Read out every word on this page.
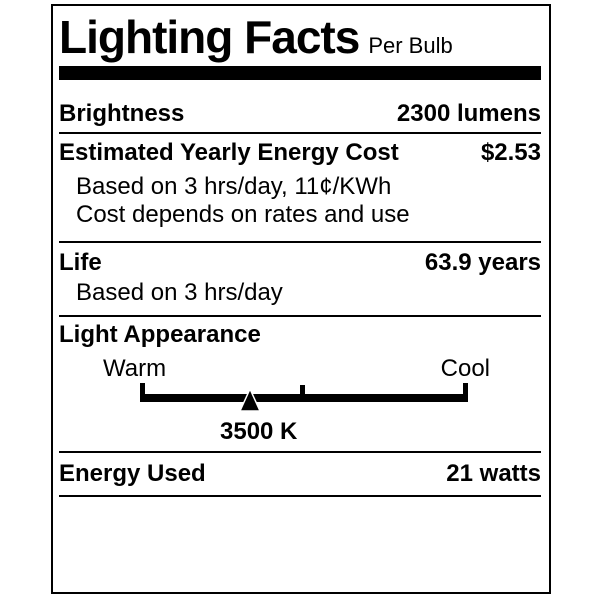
Lighting Facts Per Bulb
Brightness	2300 lumens
Estimated Yearly Energy Cost	$2.53
Based on 3 hrs/day, 11¢/KWh
Cost depends on rates and use
Life	63.9 years
Based on 3 hrs/day
Light Appearance
Warm	Cool
3500 K
Energy Used	21 watts
